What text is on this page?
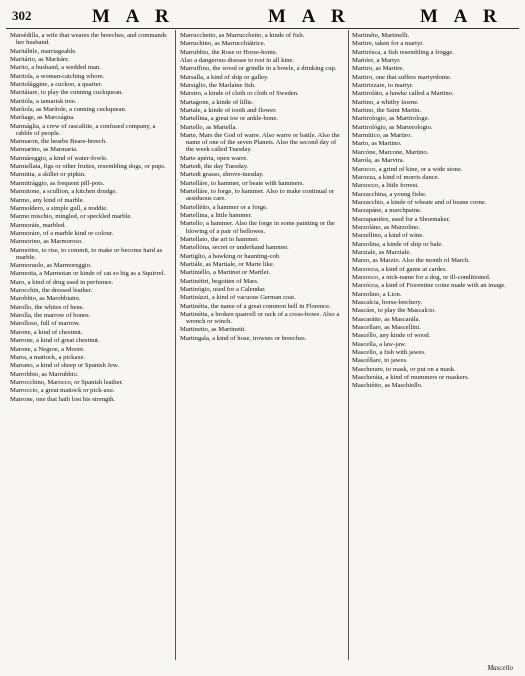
302	M A R	M A R	M A R

Marsédilla, a wife that weares the breeches, and commands her husband.

Maritábile, marriageable.

Maritário, as Maritáre.

Marito, a husband, a wedded man.

Maritola, a woman-catching whore.

Maritolággine, a cuckoo, a quarter.

Maritáiare, to play the cunning cuckquean.

Maritóla, a tamarisk tree.

Marítola, as Marítole, a cunning cuckquean.

Marítage, as Marcságna.

Marmáglia, a crew of rascalitie, a confused company, a rabble of people.

Marmaron, the hearbe Beare-breech.

Marmarino, as Marmaria.

Marmáreggio, a kind of water-fowle.

Marmellata, figs or other fruites, resembling dogs, or pups.

Marmitta, a skillet or pipkin.

Marmitrággio, as frequent pill-pots.

Marmitone, a scullion, a kitchen drudge.

Marmo, any kind of marble.

Marmoldero, a simple gull, a noddie.

Marmo mischio, mingled, or speckled marble.

Marmoráte, marbled.

Marmoráre, of a marble kind or colour.

Marmorino, as Marmoroso.

Marmotire, to rise, to commit, to make or become hard as marble.

Marmoruolo, as Marmoreggio.

Marmotta, a Marmotan or kinde of cat so big as a Squirrel.

Maro, a kind of drug used in perfumes.

Marocchin, the dressed leather.

Marobbio, as Marobbiatre.

Marollo, the whites of hens.

Marolla, the marrow of bones.

Marolloso, full of marrow.

Marone, a kind of chestnut.

Marrone, a kind of great chestnut.

Marone, a Negroe, a Moore.

Marra, a mattock, a pickaxe.

Marrano, a kind of sheep or Spanish Jew.

Marrobbio, as Marrubbio.

Marrocchino, Marocco, or Spanish leather.

Marroccio, a great mattock or pick-axe.

Marrone, one that hath lost his strength.

Marrucchetto, as Marrucchetto, a kinde of fish.

Marruchino, as Marrucchiátrice.

Marrubbio, the Rose or Horse-honie.

Also a dangerous disease to rest in all kine.

Marruffino, the wood or grindle in a bowle, a drinking cup.

Marsalla, a kind of ship or galley.

Marsiglio, the Marlaine fish.

Marstro, a kinde of cloth or cloth of Sweden.

Martagone, a kinde of lillie.

Martale, a kinde of tooth and flower.

Martellina, a great toe or ankle-bone.

Martello, as Martella.

Marte, Mars the God of warre. Also warre or battle. Also the name of one of the seven Planets. Also the second day of the week called Tuesday.

Marte apérta, open warre.

Martedi, the day Tuesday.

Martedi grasso, shrove-tuesday.

Martelláre, to hammer, or beate with hammers.

Martelláre, to forge, to hammer. Also to make continual or assiduous care.

Martellétto, a hammer or a forge.

Martellina, a little hammer.

Martello, a hammer. Also the forge in some painting or the blowing of a pair of bellowes.

Martellato, the art to hammer.

Martellóna, secret or underhand hammer.

Martíglio, a hawking or haunting-cob.

Martiále, as Martiale, or Marte like.

Martiniéllo, a Martinet or Martlet.

Martinéttri, begotten of Mars.

Martinógio, used for a Calendar.

Martinázzi, a kind of vacuous German coat.

Martinétta, the name of a great common bell in Florence.

Martinétta, a broken quarrell or rack of a cross-bowe. Also a wrench or winch.

Martinetto, as Martinetti.

Martingala, a kind of hose, trowses or breeches.

Martinéto, Martinelli.

Martire, taken for a martyr.

Martirésca, a fish resembling a frogge.

Martóre, a Martyr.

Martiro, as Martire.

Martiro, one that suffers martyrdome.

Martirizzare, to martyr.

Martiroláto, a hawke called a Martino.

Martino, a whitby fawne.

Martino, the Saint Martin.

Martirologio, as Martirologe.

Martirológio, as Marterologio.

Marmítico, as Martiro.

Marto, as Martino.

Marcóne, Marcone, Martino.

Marola, as Marvira.

Marocco, a grind of kine, or a wide stone.

Marozza, a kind of morris dance.

Marzocco, a little forrest.

Marzacchina, a young fishe.

Marzacchio, a kinde of wheate and of beane corne.

Marzapáne, a marchpaine.

Marzapanière, used for a Shoemaker.

Marzoláno, as Marzolino.

Marzellino, a kind of wine.

Marzolina, a kinde of ship or bale.

Marziale, as Marziale.

Marzo, as Marzio. Also the month of March.

Marzocca, a kind of game at cardes.

Marzocco, a nick-name for a dog, or ill-conditioned.

Marzócca, a kind of Fiorentine coine made with an image.

Marzolino, a Lion.

Mascalcia, horse-leechery.

Mascáre, to play the Mascalcio.

Mascarátte, as Mascarála.

Mascellare, as Mascellini.

Mascéllo, any kinde of wood.

Mascella, a law-jaw.

Mascello, a fish with jawes.

Mascéllare, to jawes.

Mascherare, to mask, or put on a mask.

Mascheráta, a kind of mummers or maskers.

Maschiétto, as Maschiello.

Mascello
